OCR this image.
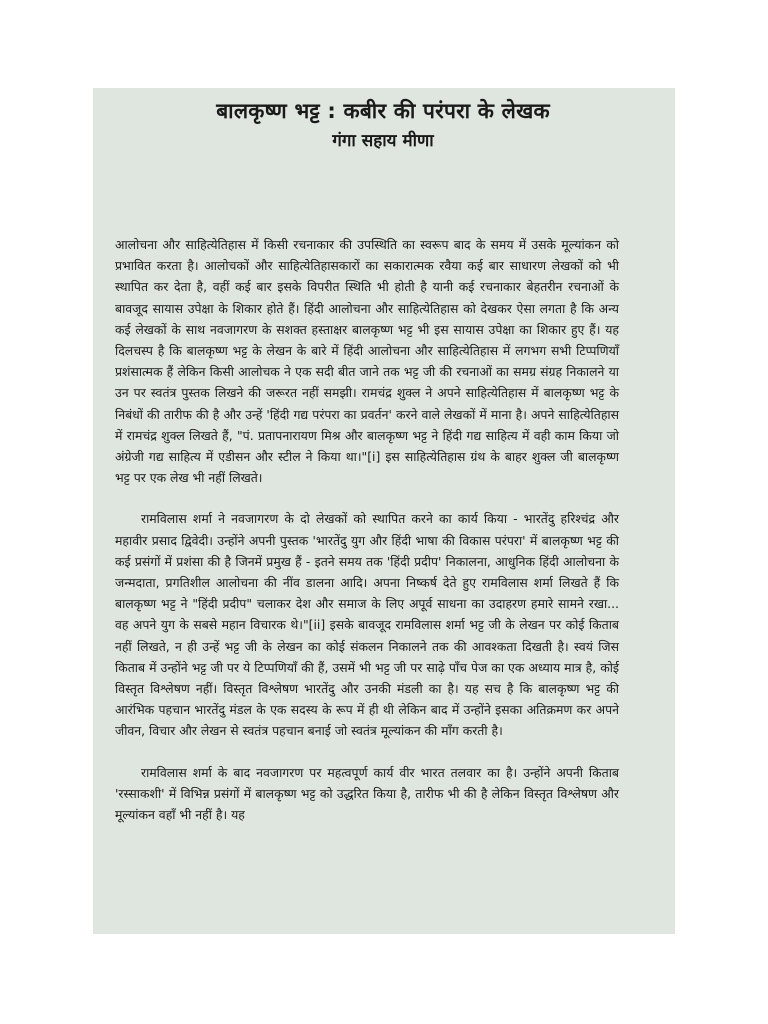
बालकृष्ण भट्ट : कबीर की परंपरा के लेखक
गंगा सहाय मीणा

आलोचना और साहित्येतिहास में किसी रचनाकार की उपस्थिति का स्वरूप बाद के समय में उसके मूल्यांकन को प्रभावित करता है। आलोचकों और साहित्येतिहासकारों का सकारात्मक रवैया कई बार साधारण लेखकों को भी स्थापित कर देता है, वहीं कई बार इसके विपरीत स्थिति भी होती है यानी कई रचनाकार बेहतरीन रचनाओं के बावजूद सायास उपेक्षा के शिकार होते हैं। हिंदी आलोचना और साहित्येतिहास को देखकर ऐसा लगता है कि अन्य कई लेखकों के साथ नवजागरण के सशक्त हस्ताक्षर बालकृष्ण भट्ट भी इस सायास उपेक्षा का शिकार हुए हैं। यह दिलचस्प है कि बालकृष्ण भट्ट के लेखन के बारे में हिंदी आलोचना और साहित्येतिहास में लगभग सभी टिप्पणियाँ प्रशंसात्मक हैं लेकिन किसी आलोचक ने एक सदी बीत जाने तक भट्ट जी की रचनाओं का समग्र संग्रह निकालने या उन पर स्वतंत्र पुस्तक लिखने की जरूरत नहीं समझी। रामचंद्र शुक्ल ने अपने साहित्येतिहास में बालकृष्ण भट्ट के निबंधों की तारीफ की है और उन्हें 'हिंदी गद्य परंपरा का प्रवर्तन' करने वाले लेखकों में माना है। अपने साहित्येतिहास में रामचंद्र शुक्ल लिखते हैं, "पं. प्रतापनारायण मिश्र और बालकृष्ण भट्ट ने हिंदी गद्य साहित्य में वही काम किया जो अंग्रेजी गद्य साहित्य में एडीसन और स्टील ने किया था।"[i] इस साहित्येतिहास ग्रंथ के बाहर शुक्ल जी बालकृष्ण भट्ट पर एक लेख भी नहीं लिखते।

रामविलास शर्मा ने नवजागरण के दो लेखकों को स्थापित करने का कार्य किया - भारतेंदु हरिश्चंद्र और महावीर प्रसाद द्विवेदी। उन्होंने अपनी पुस्तक 'भारतेंदु युग और हिंदी भाषा की विकास परंपरा' में बालकृष्ण भट्ट की कई प्रसंगों में प्रशंसा की है जिनमें प्रमुख हैं - इतने समय तक 'हिंदी प्रदीप' निकालना, आधुनिक हिंदी आलोचना के जन्मदाता, प्रगतिशील आलोचना की नींव डालना आदि। अपना निष्कर्ष देते हुए रामविलास शर्मा लिखते हैं कि बालकृष्ण भट्ट ने "हिंदी प्रदीप" चलाकर देश और समाज के लिए अपूर्व साधना का उदाहरण हमारे सामने रखा... वह अपने युग के सबसे महान विचारक थे।"[ii] इसके बावजूद रामविलास शर्मा भट्ट जी के लेखन पर कोई किताब नहीं लिखते, न ही उन्हें भट्ट जी के लेखन का कोई संकलन निकालने तक की आवश्कता दिखती है। स्वयं जिस किताब में उन्होंने भट्ट जी पर ये टिप्पणियाँ की हैं, उसमें भी भट्ट जी पर साढ़े पाँच पेज का एक अध्याय मात्र है, कोई विस्तृत विश्लेषण नहीं। विस्तृत विश्लेषण भारतेंदु और उनकी मंडली का है। यह सच है कि बालकृष्ण भट्ट की आरंभिक पहचान भारतेंदु मंडल के एक सदस्य के रूप में ही थी लेकिन बाद में उन्होंने इसका अतिक्रमण कर अपने जीवन, विचार और लेखन से स्वतंत्र पहचान बनाई जो स्वतंत्र मूल्यांकन की माँग करती है।

रामविलास शर्मा के बाद नवजागरण पर महत्वपूर्ण कार्य वीर भारत तलवार का है। उन्होंने अपनी किताब 'रस्साकशी' में विभिन्न प्रसंगों में बालकृष्ण भट्ट को उद्धरित किया है, तारीफ भी की है लेकिन विस्तृत विश्लेषण और मूल्यांकन वहाँ भी नहीं है। यह
